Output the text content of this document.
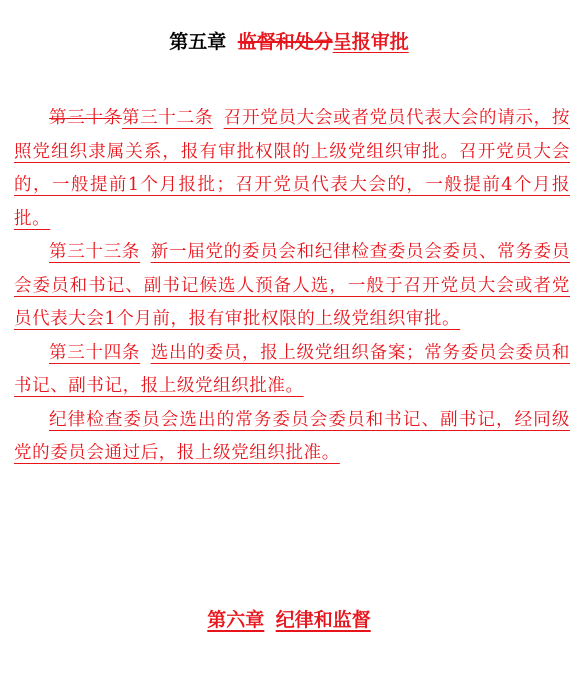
第五章 监督和处分呈报审批

第三十条第三十二条 召开党员大会或者党员代表大会的请示，按照党组织隶属关系，报有审批权限的上级党组织审批。召开党员大会的，一般提前1个月报批；召开党员代表大会的，一般提前4个月报批。

第三十三条 新一届党的委员会和纪律检查委员会委员、常务委员会委员和书记、副书记候选人预备人选，一般于召开党员大会或者党员代表大会1个月前，报有审批权限的上级党组织审批。

第三十四条 选出的委员，报上级党组织备案；常务委员会委员和书记、副书记，报上级党组织批准。

纪律检查委员会选出的常务委员会委员和书记、副书记，经同级党的委员会通过后，报上级党组织批准。

第六章 纪律和监督
